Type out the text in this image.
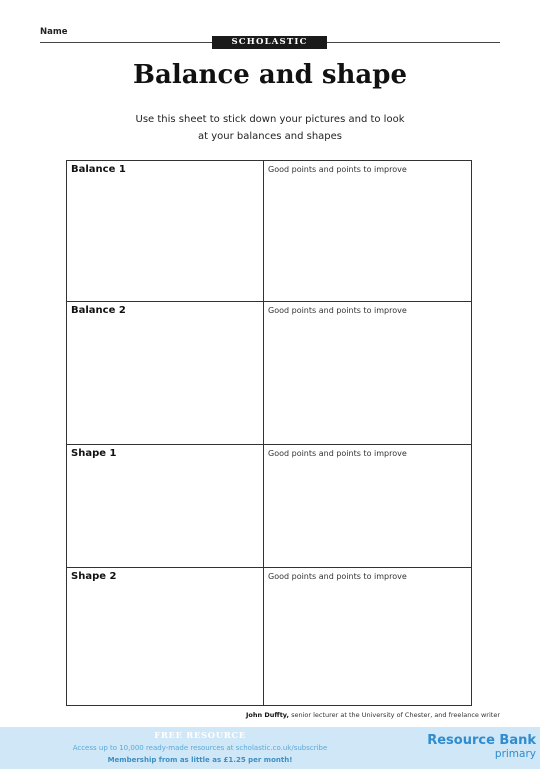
Name
SCHOLASTIC
Balance and shape
Use this sheet to stick down your pictures and to look
at your balances and shapes
Balance 1	Good points and points to improve
Balance 2	Good points and points to improve
Shape 1	Good points and points to improve
Shape 2	Good points and points to improve
John Duffty, senior lecturer at the University of Chester, and freelance writer
FREE RESOURCE
Access up to 10,000 ready-made resources at scholastic.co.uk/subscribe
Membership from as little as £1.25 per month!
Resource Bank
primary
